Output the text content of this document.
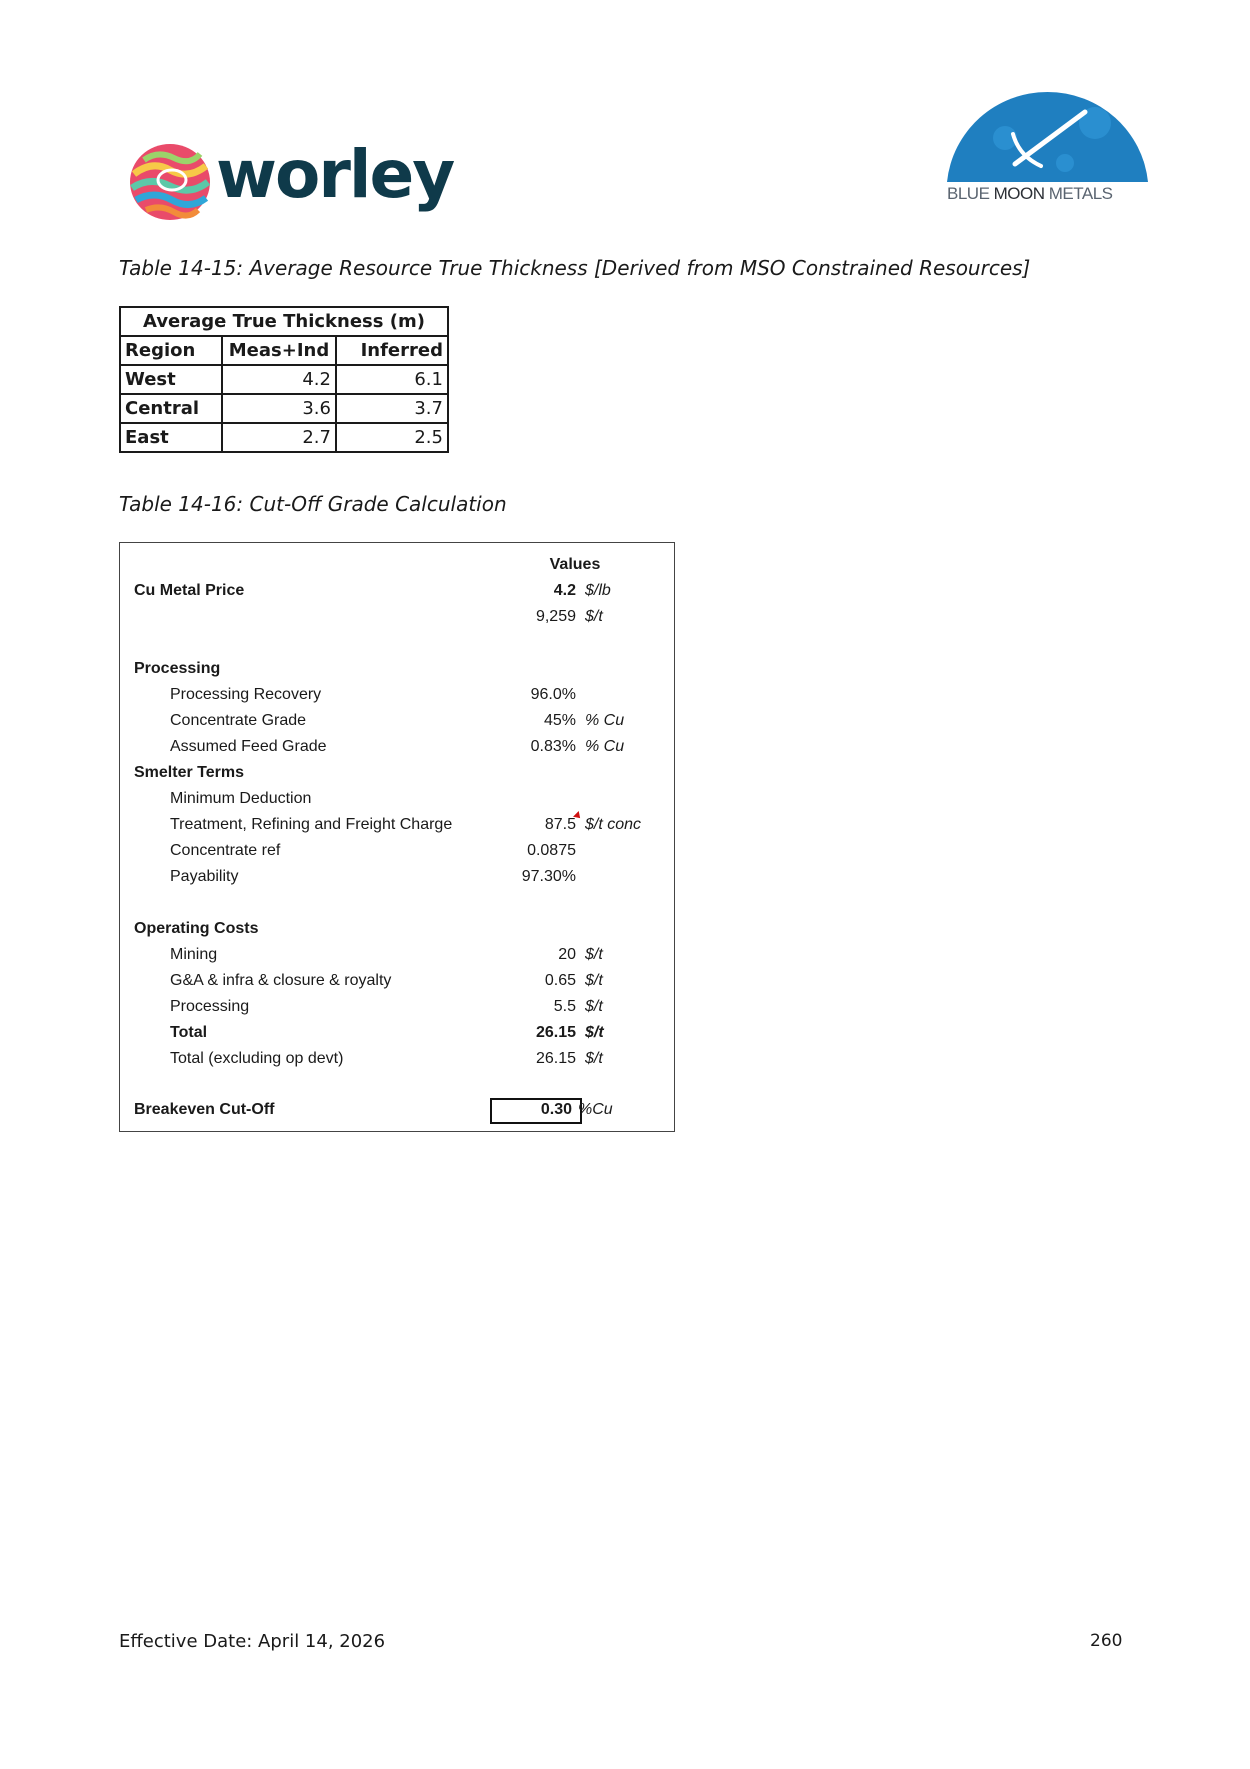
worley	BLUE MOON METALS
Table 14-15: Average Resource True Thickness [Derived from MSO Constrained Resources]
Average True Thickness (m)		
Region	Meas+Ind	Inferred
West	4.2	6.1
Central	3.6	3.7
East	2.7	2.5
Table 14-16: Cut-Off Grade Calculation
Values
Cu Metal Price	4.2 $/lb
9,259 $/t
Processing
Processing Recovery	96.0%
Concentrate Grade	45% % Cu
Assumed Feed Grade	0.83% % Cu
Smelter Terms
Minimum Deduction
Treatment, Refining and Freight Charge	87.5 $/t conc
Concentrate ref	0.0875
Payability	97.30%
Operating Costs
Mining	20 $/t
G&A & infra & closure & royalty	0.65 $/t
Processing	5.5 $/t
Total	26.15 $/t
Total (excluding op devt)	26.15 $/t
Breakeven Cut-Off	0.30 %Cu
Effective Date: April 14, 2026	260
